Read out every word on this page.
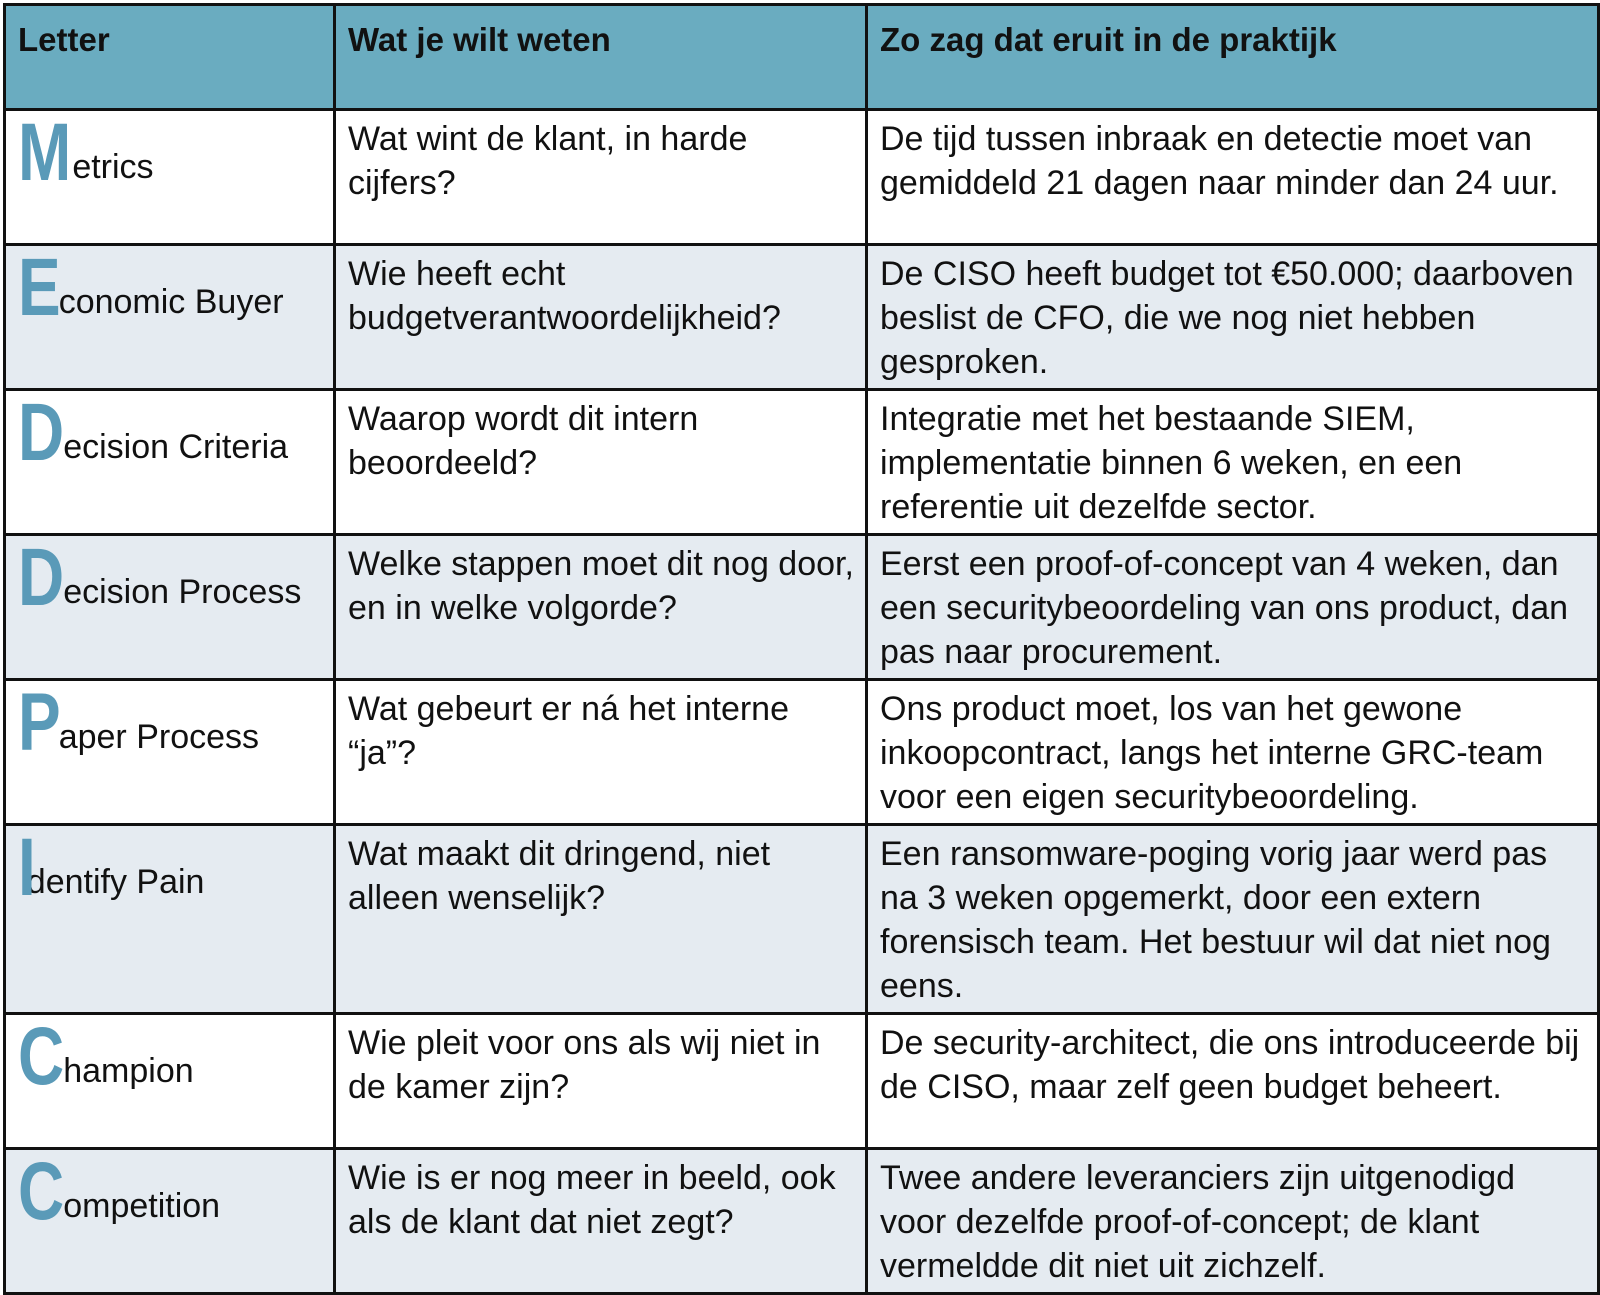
Letter	Wat je wilt weten	Zo zag dat eruit in de praktijk

Metrics	Wat wint de klant, in harde cijfers?	De tijd tussen inbraak en detectie moet van gemiddeld 21 dagen naar minder dan 24 uur.

Economic Buyer	Wie heeft echt budgetverantwoordelijkheid?	De CISO heeft budget tot €50.000; daarboven beslist de CFO, die we nog niet hebben gesproken.

Decision Criteria	Waarop wordt dit intern beoordeeld?	Integratie met het bestaande SIEM, implementatie binnen 6 weken, en een referentie uit dezelfde sector.

Decision Process	Welke stappen moet dit nog door, en in welke volgorde?	Eerst een proof-of-concept van 4 weken, dan een securitybeoordeling van ons product, dan pas naar procurement.

Paper Process	Wat gebeurt er ná het interne “ja”?	Ons product moet, los van het gewone inkoopcontract, langs het interne GRC-team voor een eigen securitybeoordeling.

Identify Pain	Wat maakt dit dringend, niet alleen wenselijk?	Een ransomware-poging vorig jaar werd pas na 3 weken opgemerkt, door een extern forensisch team. Het bestuur wil dat niet nog eens.

Champion	Wie pleit voor ons als wij niet in de kamer zijn?	De security-architect, die ons introduceerde bij de CISO, maar zelf geen budget beheert.

Competition	Wie is er nog meer in beeld, ook als de klant dat niet zegt?	Twee andere leveranciers zijn uitgenodigd voor dezelfde proof-of-concept; de klant vermeldde dit niet uit zichzelf.
